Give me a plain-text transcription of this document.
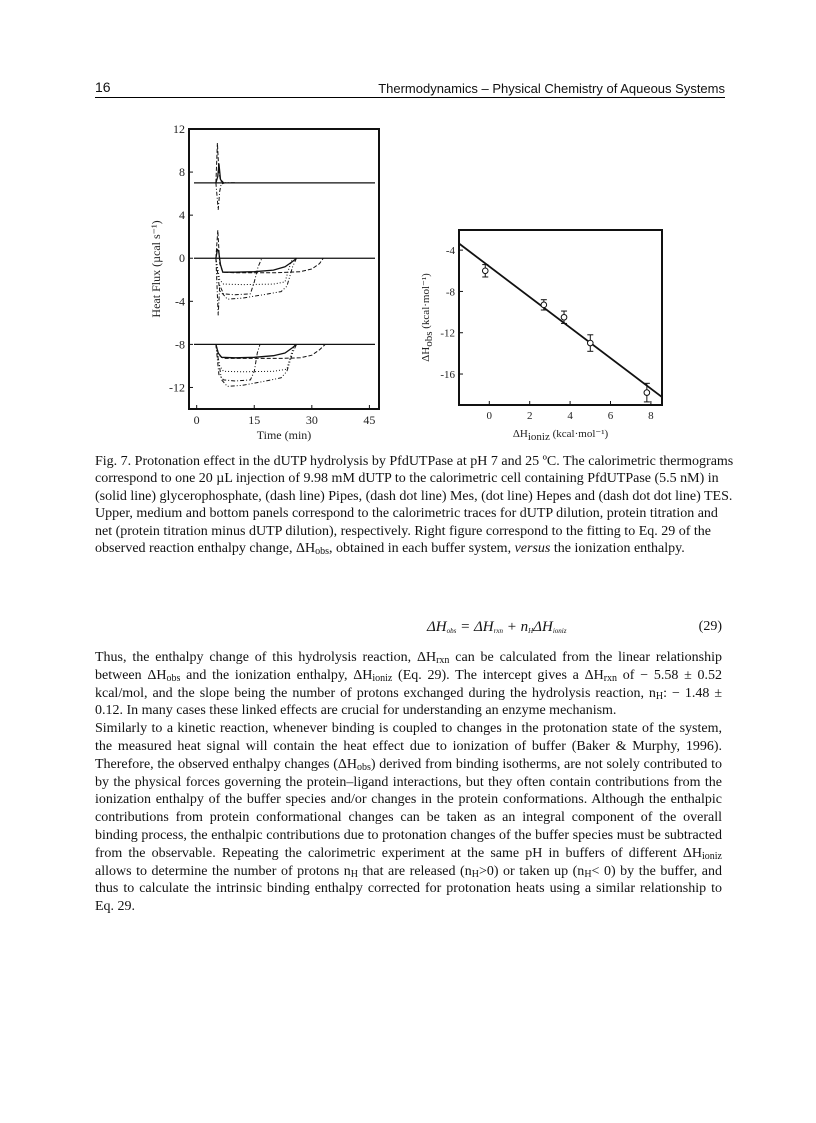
16	Thermodynamics – Physical Chemistry of Aqueous Systems
12
8
4
0
-4
-8
-12
0	15	30	45
Time (min)
Heat Flux (µcal s⁻¹)	-4
-8
-12
-16
0	2	4	6	8
ΔHioniz (kcal·mol⁻¹)
ΔHobs (kcal·mol⁻¹)
Fig. 7. Protonation effect in the dUTP hydrolysis by PfdUTPase at pH 7 and 25 ºC. The calorimetric thermograms correspond to one 20 µL injection of 9.98 mM dUTP to the calorimetric cell containing PfdUTPase (5.5 nM) in (solid line) glycerophosphate, (dash line) Pipes, (dash dot line) Mes, (dot line) Hepes and (dash dot dot line) TES. Upper, medium and bottom panels correspond to the calorimetric traces for dUTP dilution, protein titration and net (protein titration minus dUTP dilution), respectively. Right figure correspond to the fitting to Eq. 29 of the observed reaction enthalpy change, $\Delta H_{obs}$, obtained in each buffer system, versus the ionization enthalpy.
$\Delta H_{obs} = \Delta H_{rxn} + n_H\Delta H_{ioniz}$	(29)

Thus, the enthalpy change of this hydrolysis reaction, $\Delta H_{rxn}$ can be calculated from the linear relationship between $\Delta H_{obs}$ and the ionization enthalpy, $\Delta H_{ioniz}$ (Eq. 29). The intercept gives a $\Delta H_{rxn}$ of − 5.58 ± 0.52 kcal/mol, and the slope being the number of protons exchanged during the hydrolysis reaction, $n_H$: − 1.48 ± 0.12. In many cases these linked effects are crucial for understanding an enzyme mechanism.

Similarly to a kinetic reaction, whenever binding is coupled to changes in the protonation state of the system, the measured heat signal will contain the heat effect due to ionization of buffer (Baker & Murphy, 1996). Therefore, the observed enthalpy changes $(\Delta H_{obs})$ derived from binding isotherms, are not solely contributed to by the physical forces governing the protein–ligand interactions, but they often contain contributions from the ionization enthalpy of the buffer species and/or changes in the protein conformations. Although the enthalpic contributions from protein conformational changes can be taken as an integral component of the overall binding process, the enthalpic contributions due to protonation changes of the buffer species must be subtracted from the observable. Repeating the calorimetric experiment at the same pH in buffers of different $\Delta H_{ioniz}$ allows to determine the number of protons $n_H$ that are released $(n_H>0)$ or taken up $(n_H< 0)$ by the buffer, and thus to calculate the intrinsic binding enthalpy corrected for protonation heats using a similar relationship to Eq. 29.
